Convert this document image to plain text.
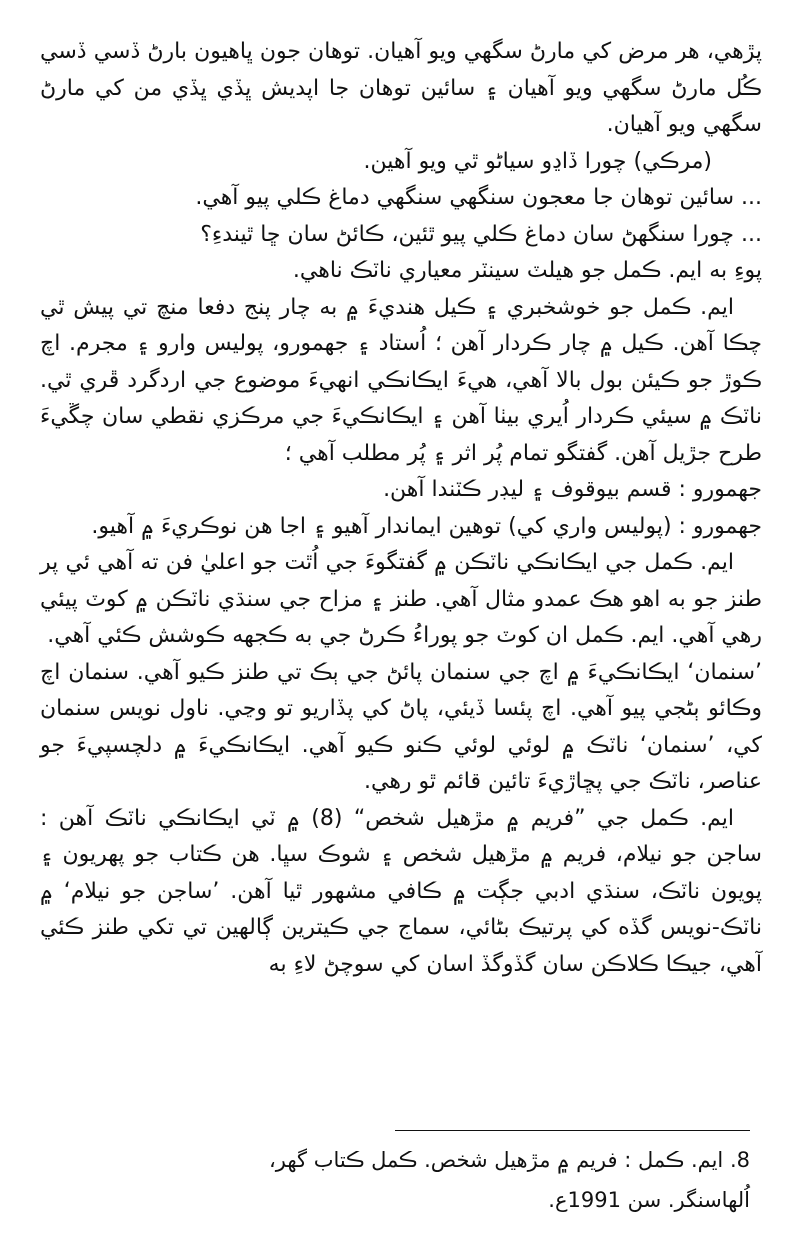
پڙهي، هر مرض کي مارڻ سگهي ويو آهيان. توهان جون ڀاهيون بارڻ ڏسي ڏسي ڪُل مارڻ سگهي ويو آهيان ۽ سائين توهان جا اپديش ڀڏي ڀڏي من کي مارڻ سگهي ويو آهيان.

(مرڪي) چورا ڏاڍو سياڻو ٿي ويو آهين.

... سائين توهان جا معجون سنگهي سنگهي دماغ ڪلي پيو آهي.

... چورا سنگهڻ سان دماغ ڪلي پيو ٿئين، ڪائڻ سان ڇا ٿيندءِ؟

پوءِ به ايم. ڪمل جو هيلٽ سينٽر معياري ناٽڪ ناهي.

ايم. ڪمل جو خوشخبري ۽ ڪيل هنديءَ ۾ به چار پنج دفعا منچ تي پيش ٿي چڪا آهن. ڪيل ۾ چار ڪردار آهن ؛ اُستاد ۽ جهمورو، پوليس وارو ۽ مجرم. اچ ڪوڙ جو ڪيئن بول بالا آهي، هيءَ ايڪانڪي انهيءَ موضوع جي اردگرد ڦري ٿي. ناٽڪ ۾ سيئي ڪردار اُيري بيٺا آهن ۽ ايڪانڪيءَ جي مرڪزي نقطي سان چڱيءَ طرح جڙيل آهن. گفتگو تمام پُر اثر ۽ پُر مطلب آهي ؛

جهمورو : قسم بيوقوف ۽ ليڊر ڪٽندا آهن.

جهمورو : (پوليس واري کي) توهين ايماندار آهيو ۽ اجا هن نوڪريءَ ۾ آهيو.

ايم. ڪمل جي ايڪانڪي ناٽڪن ۾ گفتگوءَ جي اُٿت جو اعليٰ فن ته آهي ئي پر طنز جو به اهو هڪ عمدو مثال آهي. طنز ۽ مزاح جي سنڌي ناٽڪن ۾ کوٽ پيئي رهي آهي. ايم. ڪمل ان کوٽ جو پوراءُ ڪرڻ جي به ڪجهه ڪوشش ڪئي آهي.

’سنمان‘ ايڪانڪيءَ ۾ اچ جي سنمان پائڻ جي ٻڪ تي طنز ڪيو آهي. سنمان اچ وڪائو ٻڻجي پيو آهي. اچ پئسا ڏيئي، پاڻ کي پڏاريو تو وڃي. ناول نويس سنمان کي، ’سنمان‘ ناٽڪ ۾ لوئي لوئي ڪنو ڪيو آهي. ايڪانڪيءَ ۾ دلچسپيءَ جو عناصر، ناٽڪ جي پڇاڙيءَ تائين قائم ٿو رهي.

ايم. ڪمل جي ”فريم ۾ مڙهيل شخص“ (8) ۾ ٽي ايڪانڪي ناٽڪ آهن : ساجن جو نيلام، فريم ۾ مڙهيل شخص ۽ شوڪ سڀا. هن ڪتاب جو پهريون ۽ پويون ناٽڪ، سنڌي ادبي جڳت ۾ ڪافي مشهور ٿيا آهن. ’ساجن جو نيلام‘ ۾ ناٽڪ-نويس گڏه کي پرتيڪ بڻائي، سماج جي ڪيترين ڳالهين تي تکي طنز ڪئي آهي، جيڪا ڪلاڪن سان گڏوگڏ اسان کي سوچڻ لاءِ به

8. ايم. ڪمل : فريم ۾ مڙهيل شخص. ڪمل ڪتاب گهر،

اُلهاسنگر. سن 1991ع.
